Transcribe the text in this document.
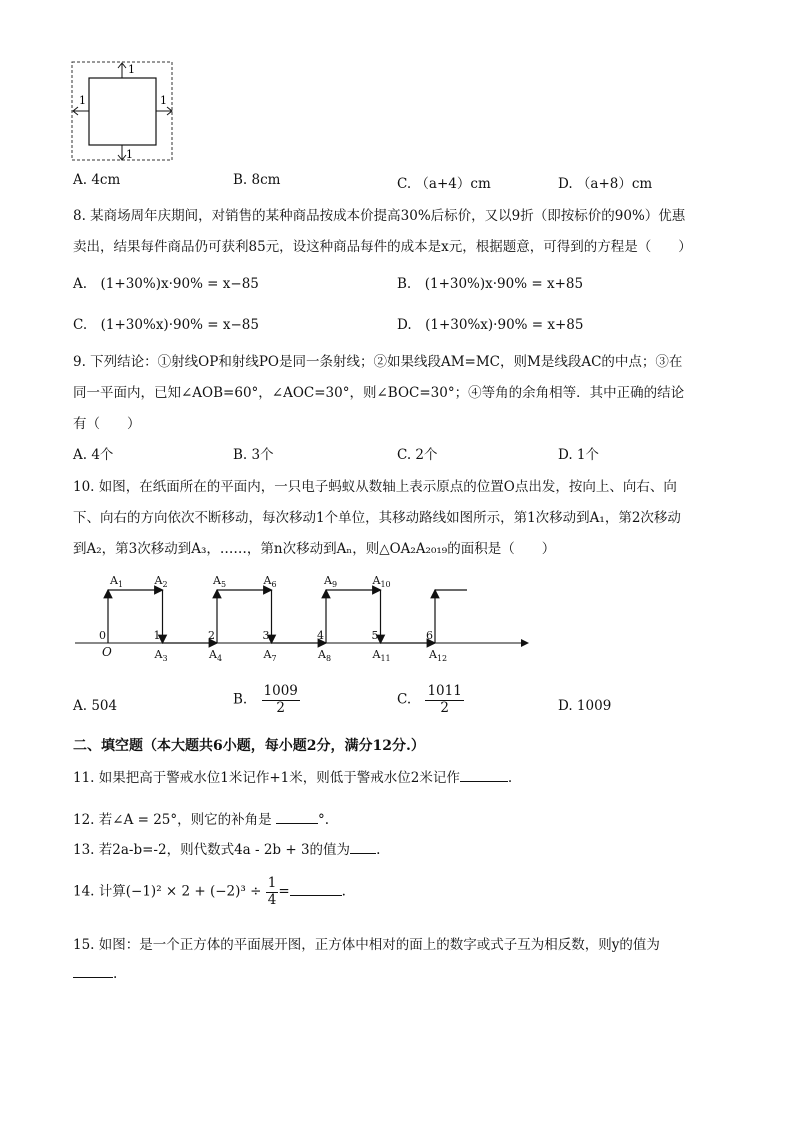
1
1	1
1
A. 4cm	B. 8cm	C. （a+4）cm	D. （a+8）cm
8. 某商场周年庆期间，对销售的某种商品按成本价提高30%后标价，又以9折（即按标价的90%）优惠
卖出，结果每件商品仍可获利85元，设这种商品每件的成本是x元，根据题意，可得到的方程是（　　）
A.　(1+30%)x·90% = x−85	B.　(1+30%)x·90% = x+85
C.　(1+30%x)·90% = x−85	D.　(1+30%x)·90% = x+85
9. 下列结论：①射线OP和射线PO是同一条射线；②如果线段AM=MC，则M是线段AC的中点；③在
同一平面内，已知∠AOB=60°，∠AOC=30°，则∠BOC=30°；④等角的余角相等．其中正确的结论
有（　　）
A. 4个	B. 3个	C. 2个	D. 1个
10. 如图，在纸面所在的平面内，一只电子蚂蚁从数轴上表示原点的位置O点出发，按向上、向右、向
下、向右的方向依次不断移动，每次移动1个单位，其移动路线如图所示，第1次移动到A₁，第2次移动
到A₂，第3次移动到A₃，……，第n次移动到Aₙ，则△OA₂A₂₀₁₉的面积是（　　）
0	1	2	3	4	5	6
O
$A_1$	$A_2$	$A_5$	$A_6$	$A_9$	$A_{10}$
$A_3$	$A_4$	$A_7$	$A_8$	$A_{11}$	$A_{12}$
A. 504	B. $\frac{1009}{2}$	C. $\frac{1011}{2}$	D. 1009
二、填空题（本大题共6小题，每小题2分，满分12分.）
11. 如果把高于警戒水位1米记作+1米，则低于警戒水位2米记作	.
12. 若∠A = 25°，则它的补角是	°.
13. 若2a-b=-2，则代数式4a - 2b + 3的值为 .
14. 计算$(-1)^2 \times 2 + (-2)^3 \div \frac{1}{4}$ =	.
15. 如图：是一个正方体的平面展开图，正方体中相对的面上的数字或式子互为相反数，则y的值为
.
